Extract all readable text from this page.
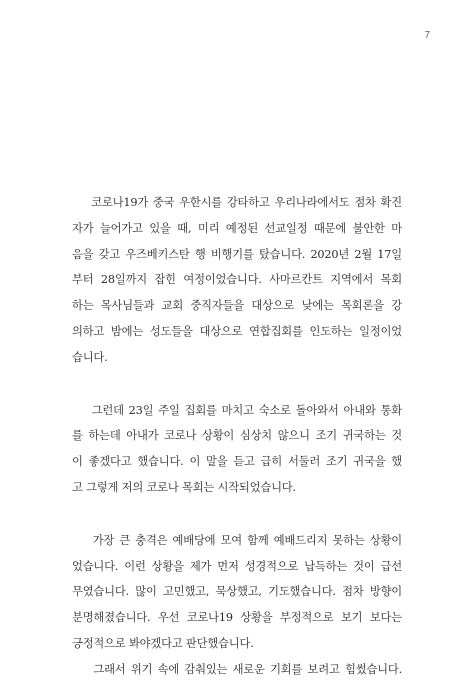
7
코로나19가 중국 우한시를 강타하고 우리나라에서도 점차 확진
자가 늘어가고 있을 때, 미리 예정된 선교일정 때문에 불안한 마
음을 갖고 우즈베키스탄 행 비행기를 탔습니다. 2020년 2월 17일
부터 28일까지 잡힌 여정이었습니다. 사마르칸트 지역에서 목회
하는 목사님들과 교회 중직자들을 대상으로 낮에는 목회론을 강
의하고 밤에는 성도들을 대상으로 연합집회를 인도하는 일정이었
습니다.
그런데 23일 주일 집회를 마치고 숙소로 돌아와서 아내와 통화
를 하는데 아내가 코로나 상황이 심상치 않으니 조기 귀국하는 것
이 좋겠다고 했습니다. 이 말을 듣고 급히 서둘러 조기 귀국을 했
고 그렇게 저의 코로나 목회는 시작되었습니다.
가장 큰 충격은 예배당에 모여 함께 예배드리지 못하는 상황이
었습니다. 이런 상황을 제가 먼저 성경적으로 납득하는 것이 급선
무였습니다. 많이 고민했고, 묵상했고, 기도했습니다. 점차 방향이
분명해졌습니다. 우선 코로나19 상황을 부정적으로 보기 보다는
긍정적으로 봐야겠다고 판단했습니다.
그래서 위기 속에 감춰있는 새로운 기회를 보려고 힘썼습니다.
